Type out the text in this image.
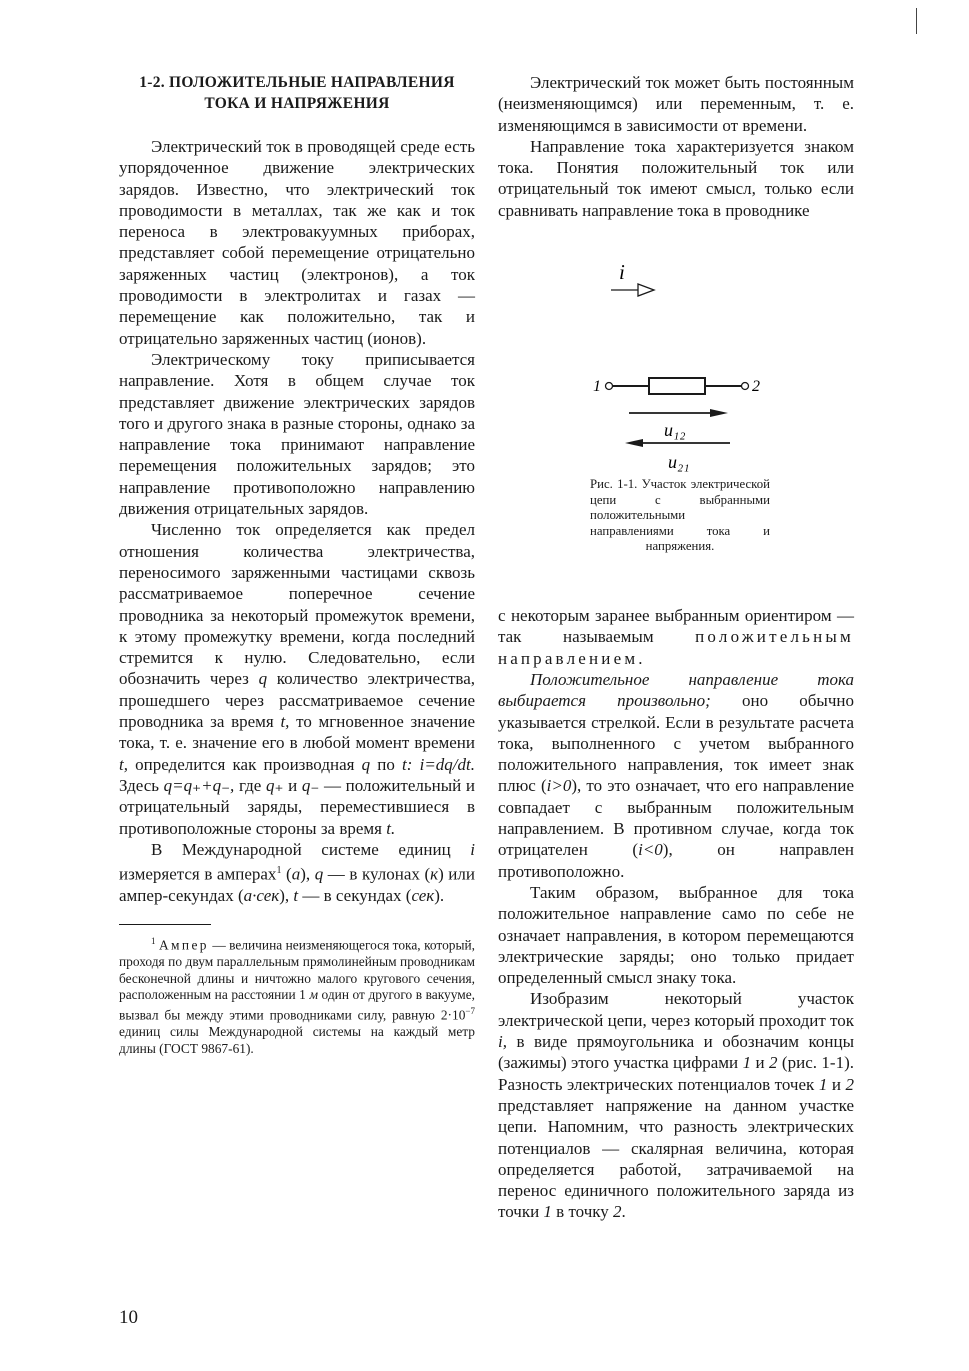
1-2. ПОЛОЖИТЕЛЬНЫЕ НАПРАВЛЕНИЯ
ТОКА И НАПРЯЖЕНИЯ

Электрический ток в проводящей среде есть упорядоченное движение электрических зарядов. Известно, что электрический ток проводимости в металлах, так же как и ток переноса в электровакуумных приборах, представляет собой перемещение отрицательно заряженных частиц (электронов), а ток проводимости в электролитах и газах — перемещение как положительно, так и отрицательно заряженных частиц (ионов).

Электрическому току приписывается направление. Хотя в общем случае ток представляет движение электрических зарядов того и другого знака в разные стороны, однако за направление тока принимают направление перемещения положительных зарядов; это направление противоположно направлению движения отрицательных зарядов.

Численно ток определяется как предел отношения количества электричества, переносимого заряженными частицами сквозь рассматриваемое поперечное сечение проводника за некоторый промежуток времени, к этому промежутку времени, когда последний стремится к нулю. Следовательно, если обозначить через q количество электричества, прошедшего через рассматриваемое сечение проводника за время t, то мгновенное значение тока, т. е. значение его в любой момент времени t, определится как производная q по t: i=dq/dt. Здесь q=q₊+q₋, где q₊ и q₋ — положительный и отрицательный заряды, переместившиеся в противоположные стороны за время t.

В Международной системе единиц i измеряется в амперах$^1$ (а), q — в кулонах (к) или ампер-секундах (а·сек), t — в секундах (сек).

$^1$ Ампер — величина неизменяющегося тока, который, проходя по двум параллельным прямолинейным проводникам бесконечной длины и ничтожно малого кругового сечения, расположенным на расстоянии 1 м один от другого в вакууме, вызвал бы между этими проводниками силу, равную $2\cdot 10^{-7}$ единиц силы Международной системы на каждый метр длины (ГОСТ 9867-61).

Электрический ток может быть постоянным (неизменяющимся) или переменным, т. е. изменяющимся в зависимости от времени.

Направление тока характеризуется знаком тока. Понятия положительный ток или отрицательный ток имеют смысл, только если сравнивать направление тока в проводнике

i
1	2
u₁₂
u₂₁
Рис. 1-1. Участок электрической цепи с выбранными положительными направлениями тока и напряжения.

с некоторым заранее выбранным ориентиром — так называемым положительным направлением.

Положительное направление тока выбирается произвольно; оно обычно указывается стрелкой. Если в результате расчета тока, выполненного с учетом выбранного положительного направления, ток имеет знак плюс (i>0), то это означает, что его направление совпадает с выбранным положительным направлением. В противном случае, когда ток отрицателен (i<0), он направлен противоположно.

Таким образом, выбранное для тока положительное направление само по себе не означает направления, в котором перемещаются электрические заряды; оно только придает определенный смысл знаку тока.

Изобразим некоторый участок электрической цепи, через который проходит ток i, в виде прямоугольника и обозначим концы (зажимы) этого участка цифрами 1 и 2 (рис. 1-1). Разность электрических потенциалов точек 1 и 2 представляет напряжение на данном участке цепи. Напомним, что разность электрических потенциалов — скалярная величина, которая определяется работой, затрачиваемой на перенос единичного положительного заряда из точки 1 в точку 2.

10
